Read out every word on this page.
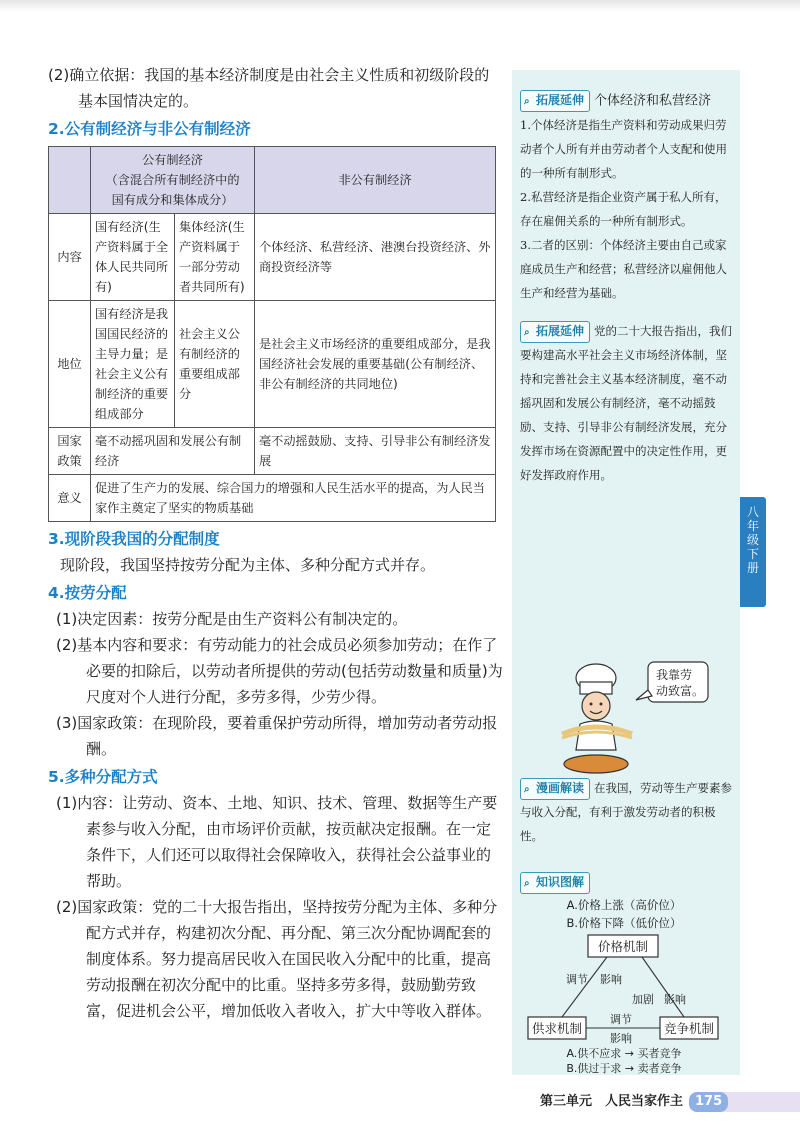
(2)确立依据：我国的基本经济制度是由社会主义性质和初级阶段的基本国情决定的。

2.公有制经济与非公有制经济

	公有制经济
（含混合所有制经济中的
国有成分和集体成分）		非公有制经济
内容	国有经济(生产资料属于全体人民共同所有)	集体经济(生产资料属于一部分劳动者共同所有)	个体经济、私营经济、港澳台投资经济、外商投资经济等
地位	国有经济是我国国民经济的主导力量；是社会主义公有制经济的重要组成部分	社会主义公有制经济的重要组成部分	是社会主义市场经济的重要组成部分，是我国经济社会发展的重要基础(公有制经济、非公有制经济的共同地位)
国家政策	毫不动摇巩固和发展公有制经济		毫不动摇鼓励、支持、引导非公有制经济发展
意义	促进了生产力的发展、综合国力的增强和人民生活水平的提高，为人民当家作主奠定了坚实的物质基础		

3.现阶段我国的分配制度

现阶段，我国坚持按劳分配为主体、多种分配方式并存。

4.按劳分配

(1)决定因素：按劳分配是由生产资料公有制决定的。

(2)基本内容和要求：有劳动能力的社会成员必须参加劳动；在作了必要的扣除后，以劳动者所提供的劳动(包括劳动数量和质量)为尺度对个人进行分配，多劳多得，少劳少得。

(3)国家政策：在现阶段，要着重保护劳动所得，增加劳动者劳动报酬。

5.多种分配方式

(1)内容：让劳动、资本、土地、知识、技术、管理、数据等生产要素参与收入分配，由市场评价贡献，按贡献决定报酬。在一定条件下，人们还可以取得社会保障收入，获得社会公益事业的帮助。

(2)国家政策：党的二十大报告指出，坚持按劳分配为主体、多种分配方式并存，构建初次分配、再分配、第三次分配协调配套的制度体系。努力提高居民收入在国民收入分配中的比重，提高劳动报酬在初次分配中的比重。坚持多劳多得，鼓励勤劳致富，促进机会公平，增加低收入者收入，扩大中等收入群体。

⌕ 拓展延伸 个体经济和私营经济

1.个体经济是指生产资料和劳动成果归劳动者个人所有并由劳动者个人支配和使用的一种所有制形式。

2.私营经济是指企业资产属于私人所有，存在雇佣关系的一种所有制形式。

3.二者的区别：个体经济主要由自己或家庭成员生产和经营；私营经济以雇佣他人生产和经营为基础。

⌕ 拓展延伸 党的二十大报告指出，我们要构建高水平社会主义市场经济体制，坚持和完善社会主义基本经济制度，毫不动摇巩固和发展公有制经济，毫不动摇鼓励、支持、引导非公有制经济发展，充分发挥市场在资源配置中的决定性作用，更好发挥政府作用。

我靠劳
动致富。

⌕ 漫画解读 在我国，劳动等生产要素参与收入分配，有利于激发劳动者的积极性。

⌕ 知识图解
A.价格上涨（高价位）
B.价格下降（低价位）
价格机制
供求机制	竞争机制
调节 影响
加剧 影响
调节
影响
A.供不应求 → 买者竞争
B.供过于求 → 卖者竞争
八
年
级
下
册
第三单元　人民当家作主 175
